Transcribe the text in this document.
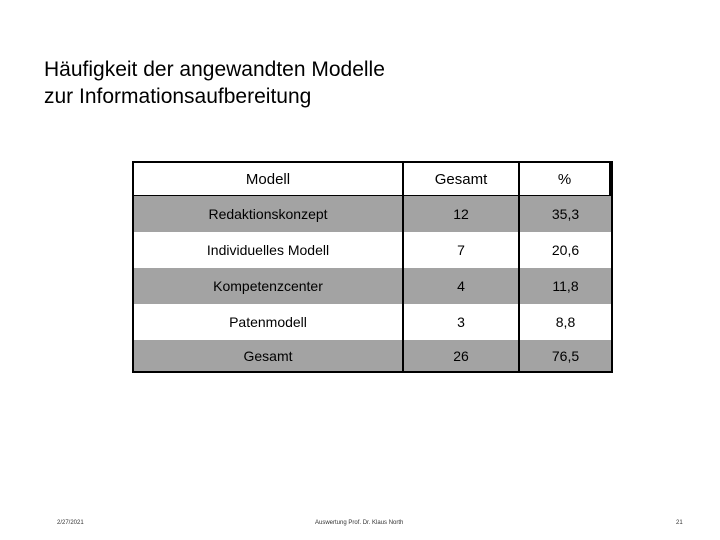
Häufigkeit der angewandten Modelle
zur Informationsaufbereitung
Modell	Gesamt	%
Redaktionskonzept	12	35,3
Individuelles Modell	7	20,6
Kompetenzcenter	4	11,8
Patenmodell	3	8,8
Gesamt	26	76,5
2/27/2021	Auswertung Prof. Dr. Klaus North	21
